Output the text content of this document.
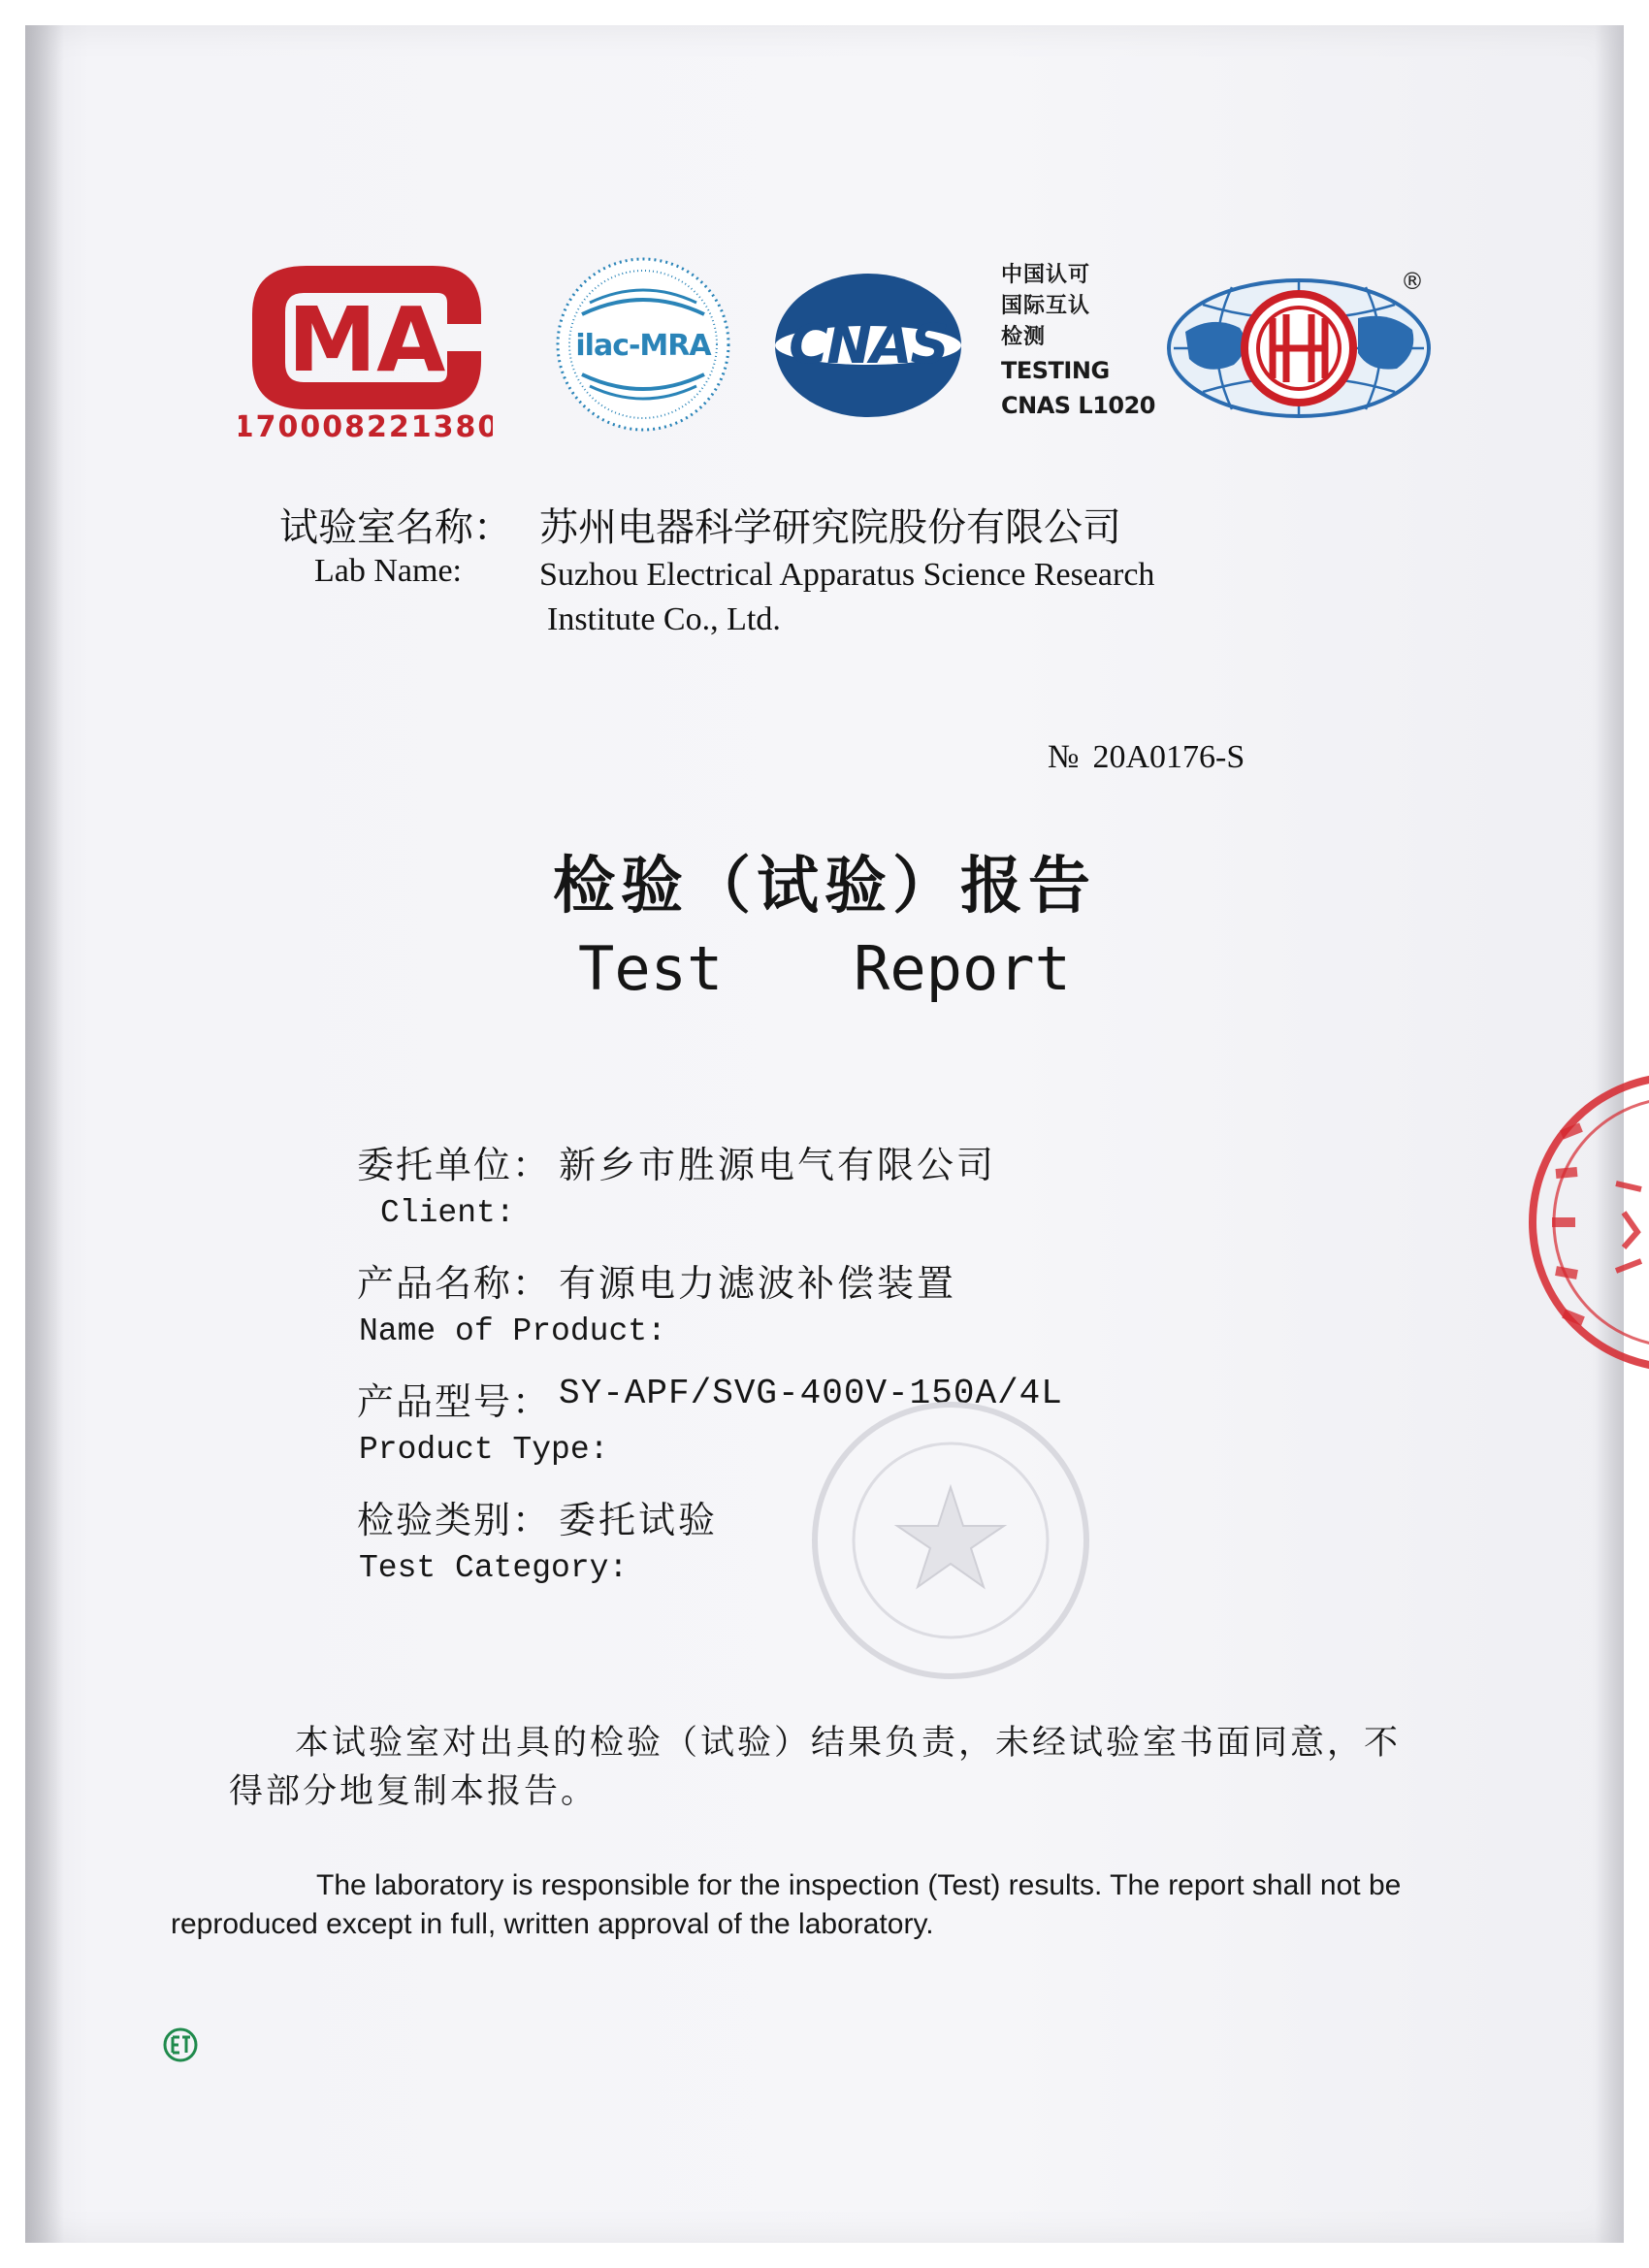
MA
170008221380
ilac-MRA CNAS
中国认可
国际互认
检测
TESTING
CNAS L1020
®
试验室名称： 苏州电器科学研究院股份有限公司
Lab Name: Suzhou Electrical Apparatus Science Research
Institute Co., Ltd.
№ 20A0176-S
检验（试验）报告
Test  Report
委托单位： 新乡市胜源电气有限公司
Client:
产品名称： 有源电力滤波补偿装置
Name of Product:
产品型号： SY-APF/SVG-400V-150A/4L
Product Type:
检验类别： 委托试验
Test Category:
本试验室对出具的检验（试验）结果负责，未经试验室书面同意，不得部分地复制本报告。
The laboratory is responsible for the inspection (Test) results. The report shall not be reproduced except in full, written approval of the laboratory.
